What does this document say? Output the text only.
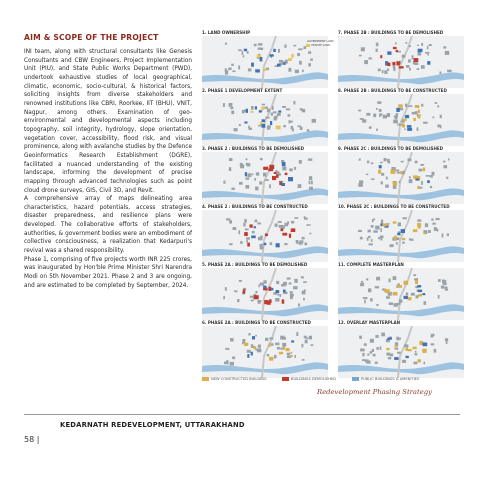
AIM & SCOPE OF THE PROJECT

INI team, along with structural consultants like Genesis Consultants and CBW Engineers, Project Implementation Unit (PIU), and State Public Works Department (PWD), undertook exhaustive studies of local geographical, climatic, economic, socio-cultural, & historical factors, soliciting insights from diverse stakeholders and renowned institutions like CBRI, Roorkee, IIT (BHU), VNIT, Nagpur, among others. Examination of geo-environmental and developmental aspects including topography, soil integrity, hydrology, slope orientation, vegetation cover, accessibility, flood risk, and visual prominence, along with avalanche studies by the Defence Geoinformatics Research Establishment (DGRE), facilitated a nuanced understanding of the existing landscape, informing the development of precise mapping through advanced technologies such as point cloud drone surveys, GIS, Civil 3D, and Revit.

A comprehensive array of maps delineating area characteristics, hazard potentials, access strategies, disaster preparedness, and resilience plans were developed. The collaborative efforts of stakeholders, authorities, & government bodies were an embodiment of collective consciousness, a realization that Kedarpuri's revival was a shared responsibility.

Phase 1, comprising of five projects worth INR 225 crores, was inaugurated by Hon'ble Prime Minister Shri Narendra Modi on 5th November 2021. Phase 2 and 3 are ongoing, and are estimated to be completed by September, 2024.

1. LAND OWNERSHIP	7. PHASE 2B : BUILDINGS TO BE DEMOLISHED
2. PHASE 1 DEVELOPMENT EXTENT	8. PHASE 2B : BUILDINGS TO BE CONSTRUCTED
3. PHASE 2 : BUILDINGS TO BE DEMOLISHED	9. PHASE 2C : BUILDINGS TO BE DEMOLISHED
4. PHASE 2 : BUILDINGS TO BE CONSTRUCTED	10. PHASE 2C : BUILDINGS TO BE CONSTRUCTED
5. PHASE 2A : BUILDINGS TO BE DEMOLISHED	11. COMPLETE MASTERPLAN
6. PHASE 2A : BUILDINGS TO BE CONSTRUCTED	12. OVERLAY MASTERPLAN
GOVERNMENT LAND
PRIVATE LAND
NEW CONSTRUCTED BUILDING	BUILDINGS DEMOLISHED	PUBLIC BUILDINGS & AMENITIES
Redevelopment Phasing Strategy
KEDARNATH REDEVELOPMENT, UTTARAKHAND
58 |
